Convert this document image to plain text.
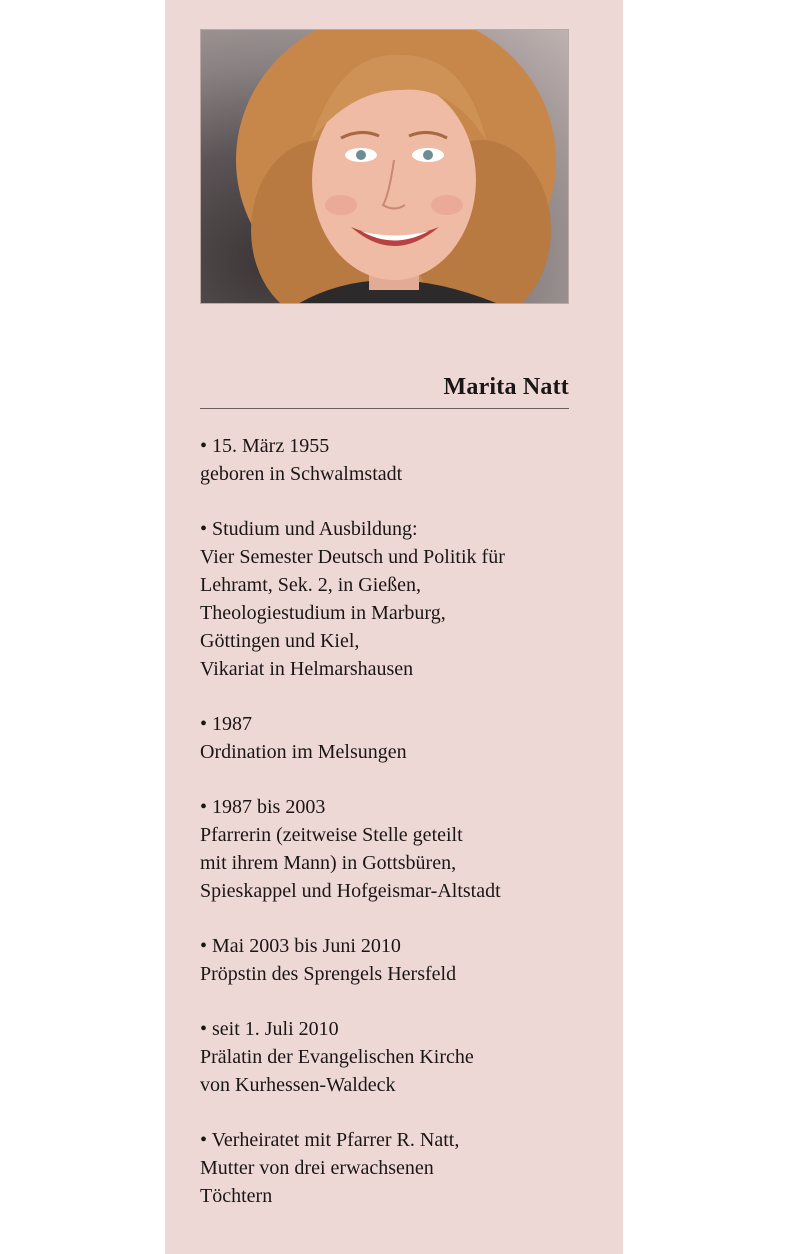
Marita Natt
• 15. März 1955
geboren in Schwalmstadt
• Studium und Ausbildung:
Vier Semester Deutsch und Politik für
Lehramt, Sek. 2, in Gießen,
Theologiestudium in Marburg,
Göttingen und Kiel,
Vikariat in Helmarshausen
• 1987
Ordination im Melsungen
• 1987 bis 2003
Pfarrerin (zeitweise Stelle geteilt
mit ihrem Mann) in Gottsbüren,
Spieskappel und Hofgeismar-Altstadt
• Mai 2003 bis Juni 2010
Pröpstin des Sprengels Hersfeld
• seit 1. Juli 2010
Prälatin der Evangelischen Kirche
von Kurhessen-Waldeck
• Verheiratet mit Pfarrer R. Natt,
Mutter von drei erwachsenen
Töchtern
